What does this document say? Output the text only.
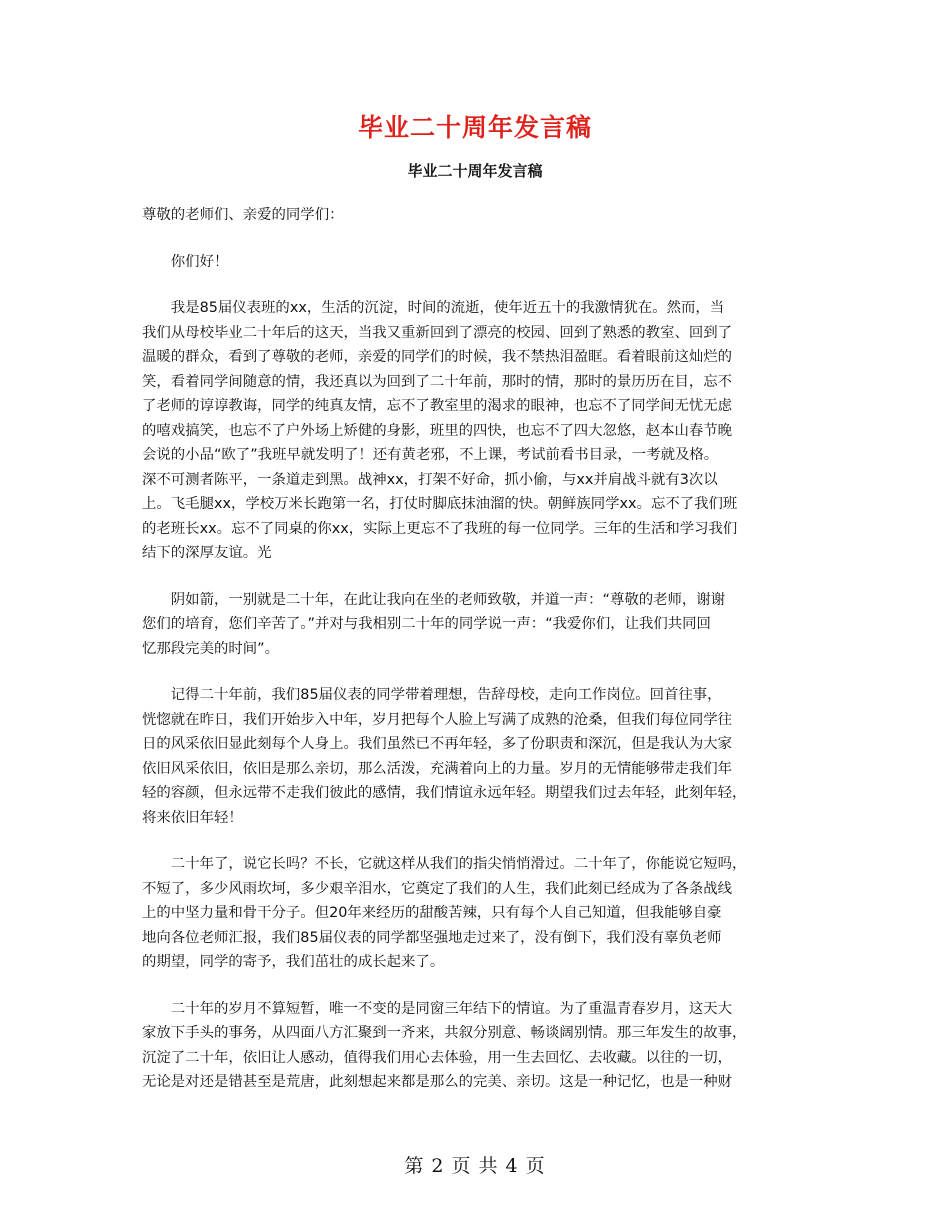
毕业二十周年发言稿
毕业二十周年发言稿
尊敬的老师们、亲爱的同学们：
　　你们好！
　　我是85届仪表班的xx，生活的沉淀，时间的流逝，使年近五十的我激情犹在。然而，当
我们从母校毕业二十年后的这天，当我又重新回到了漂亮的校园、回到了熟悉的教室、回到了
温暖的群众，看到了尊敬的老师，亲爱的同学们的时候，我不禁热泪盈眶。看着眼前这灿烂的
笑，看着同学间随意的情，我还真以为回到了二十年前，那时的情，那时的景历历在目，忘不
了老师的谆谆教诲，同学的纯真友情，忘不了教室里的渴求的眼神，也忘不了同学间无忧无虑
的嘻戏搞笑，也忘不了户外场上矫健的身影，班里的四快，也忘不了四大忽悠，赵本山春节晚
会说的小品“欧了”我班早就发明了！还有黄老邪，不上课，考试前看书目录，一考就及格。
深不可测者陈平，一条道走到黑。战神xx，打架不好命，抓小偷，与xx并肩战斗就有3次以
上。飞毛腿xx，学校万米长跑第一名，打仗时脚底抹油溜的快。朝鲜族同学xx。忘不了我们班
的老班长xx。忘不了同桌的你xx，实际上更忘不了我班的每一位同学。三年的生活和学习我们
结下的深厚友谊。光
　　阴如箭，一别就是二十年，在此让我向在坐的老师致敬，并道一声：“尊敬的老师，谢谢
您们的培育，您们辛苦了。”并对与我相别二十年的同学说一声：“我爱你们，让我们共同回
忆那段完美的时间”。
　　记得二十年前，我们85届仪表的同学带着理想，告辞母校，走向工作岗位。回首往事，
恍惚就在昨日，我们开始步入中年，岁月把每个人脸上写满了成熟的沧桑，但我们每位同学往
日的风采依旧显此刻每个人身上。我们虽然已不再年轻，多了份职责和深沉，但是我认为大家
依旧风采依旧，依旧是那么亲切，那么活泼，充满着向上的力量。岁月的无情能够带走我们年
轻的容颜，但永远带不走我们彼此的感情，我们情谊永远年轻。期望我们过去年轻，此刻年轻，
将来依旧年轻！
　　二十年了，说它长吗？不长，它就这样从我们的指尖悄悄滑过。二十年了，你能说它短吗，
不短了，多少风雨坎坷，多少艰辛泪水，它奠定了我们的人生，我们此刻已经成为了各条战线
上的中坚力量和骨干分子。但20年来经历的甜酸苦辣，只有每个人自己知道，但我能够自豪
地向各位老师汇报，我们85届仪表的同学都坚强地走过来了，没有倒下，我们没有辜负老师
的期望，同学的寄予，我们茁壮的成长起来了。
　　二十年的岁月不算短暂，唯一不变的是同窗三年结下的情谊。为了重温青春岁月，这天大
家放下手头的事务，从四面八方汇聚到一齐来，共叙分别意、畅谈阔别情。那三年发生的故事，
沉淀了二十年，依旧让人感动，值得我们用心去体验，用一生去回忆、去收藏。以往的一切，
无论是对还是错甚至是荒唐，此刻想起来都是那么的完美、亲切。这是一种记忆，也是一种财
第 2 页 共 4 页
